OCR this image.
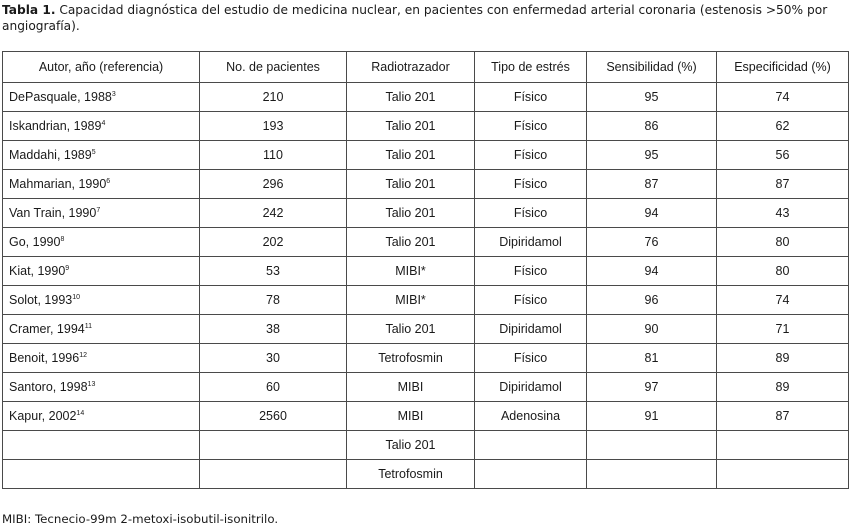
Tabla 1. Capacidad diagnóstica del estudio de medicina nuclear, en pacientes con enfermedad arterial coronaria (estenosis >50% por angiografía).
Autor, año (referencia)	No. de pacientes	Radiotrazador	Tipo de estrés	Sensibilidad (%)	Especificidad (%)
DePasquale, 1988$^3$	210	Talio 201	Físico	95	74
Iskandrian, 1989$^4$	193	Talio 201	Físico	86	62
Maddahi, 1989$^5$	110	Talio 201	Físico	95	56
Mahmarian, 1990$^6$	296	Talio 201	Físico	87	87
Van Train, 1990$^7$	242	Talio 201	Físico	94	43
Go, 1990$^8$	202	Talio 201	Dipiridamol	76	80
Kiat, 1990$^9$	53	MIBI*	Físico	94	80
Solot, 1993$^{10}$	78	MIBI*	Físico	96	74
Cramer, 1994$^{11}$	38	Talio 201	Dipiridamol	90	71
Benoit, 1996$^{12}$	30	Tetrofosmin	Físico	81	89
Santoro, 1998$^{13}$	60	MIBI	Dipiridamol	97	89
Kapur, 2002$^{14}$	2560	MIBI	Adenosina	91	87
		Talio 201			
		Tetrofosmin			
MIBI: Tecnecio-99m 2-metoxi-isobutil-isonitrilo.
